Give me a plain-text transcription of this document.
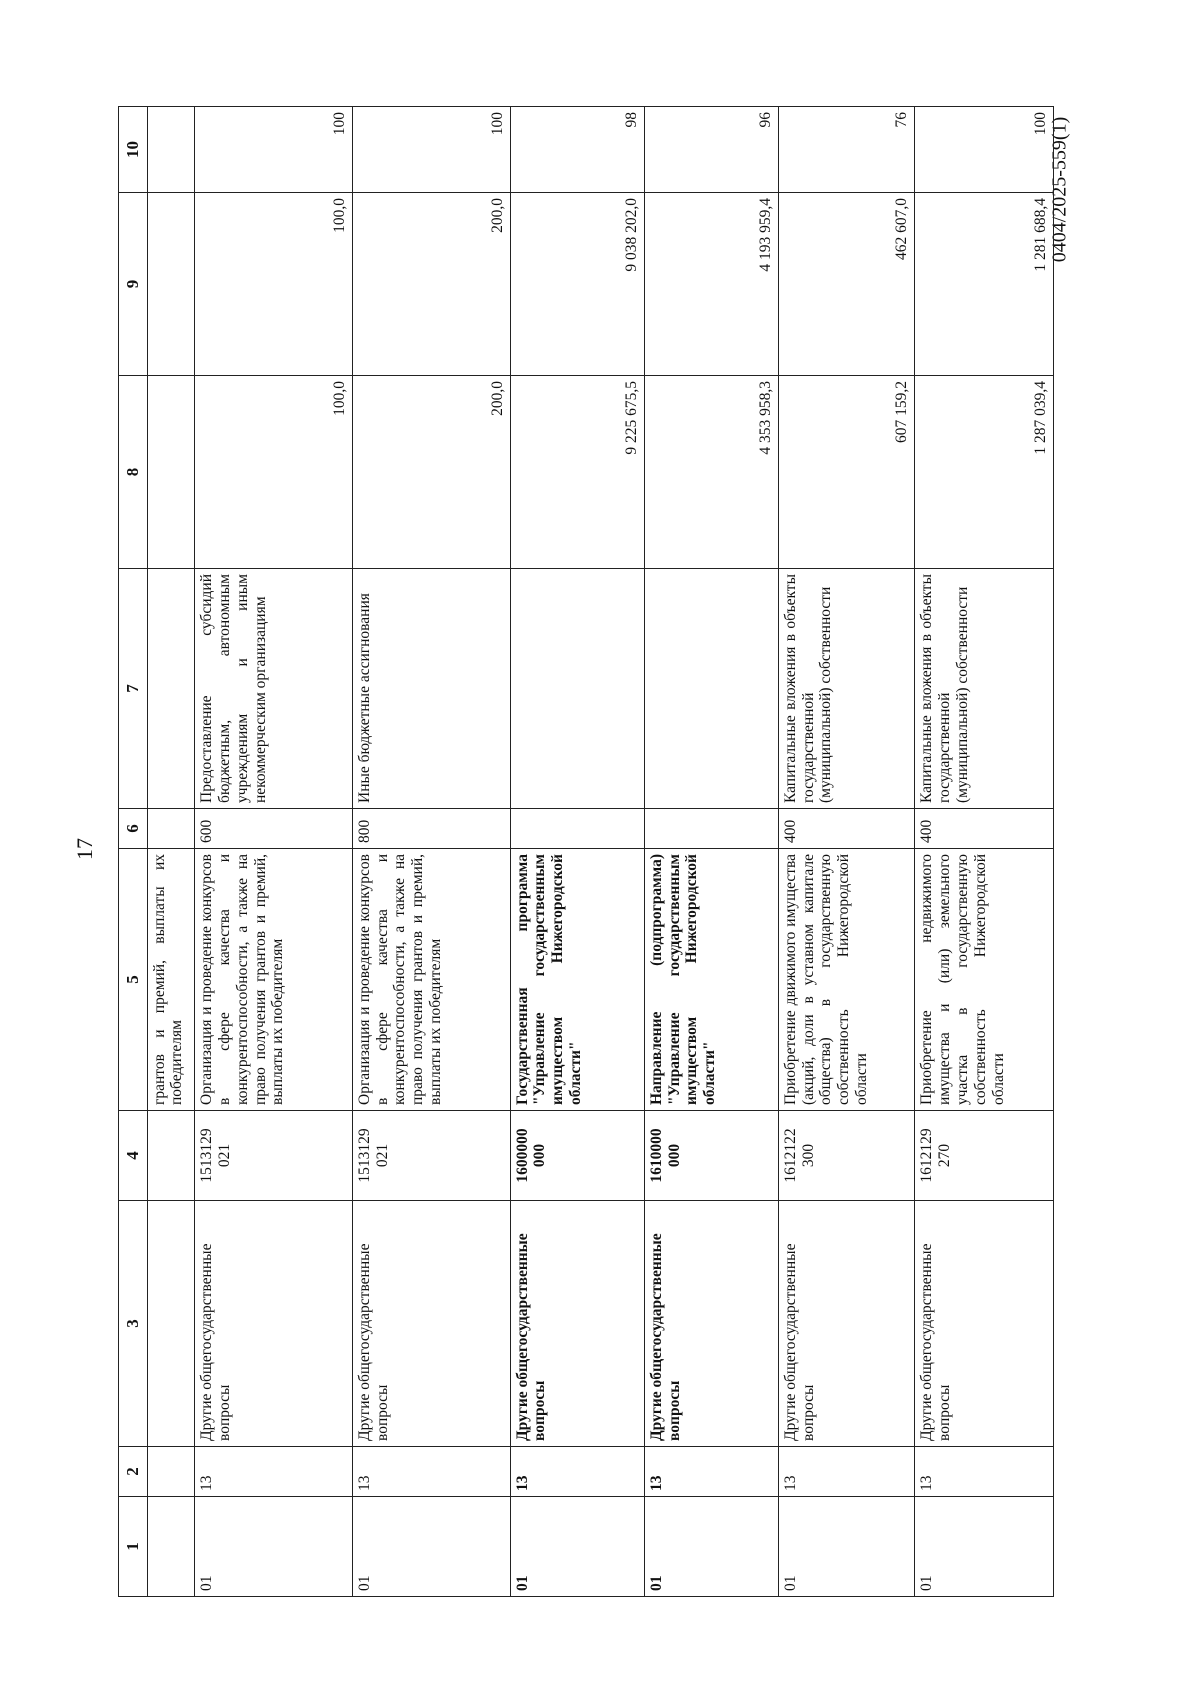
17
0404/2025-559(1)
1	2	3	4	5	6	7	8	9	10
				грантов и премий, выплаты их победителям					
01	13	Другие общегосударственные вопросы	1513129 021	Организация и проведение конкурсов в сфере качества и конкурентоспособности, а также на право получения грантов и премий, выплаты их победителям	600	Предоставление субсидий бюджетным, автономным учреждениям и иным некоммерческим организациям	100,0	100,0	100
01	13	Другие общегосударственные вопросы	1513129 021	Организация и проведение конкурсов в сфере качества и конкурентоспособности, а также на право получения грантов и премий, выплаты их победителям	800	Иные бюджетные ассигнования	200,0	200,0	100
01	13	Другие общегосударственные вопросы	1600000 000	Государственная программа "Управление государственным имуществом Нижегородской области"			9 225 675,5	9 038 202,0	98
01	13	Другие общегосударственные вопросы	1610000 000	Направление (подпрограмма) "Управление государственным имуществом Нижегородской области"			4 353 958,3	4 193 959,4	96
01	13	Другие общегосударственные вопросы	1612122 300	Приобретение движимого имущества (акций, доли в уставном капитале общества) в государственную собственность Нижегородской области	400	Капитальные вложения в объекты государственной (муниципальной) собственности	607 159,2	462 607,0	76
01	13	Другие общегосударственные вопросы	1612129 270	Приобретение недвижимого имущества и (или) земельного участка в государственную собственность Нижегородской области	400	Капитальные вложения в объекты государственной (муниципальной) собственности	1 287 039,4	1 281 688,4	100
